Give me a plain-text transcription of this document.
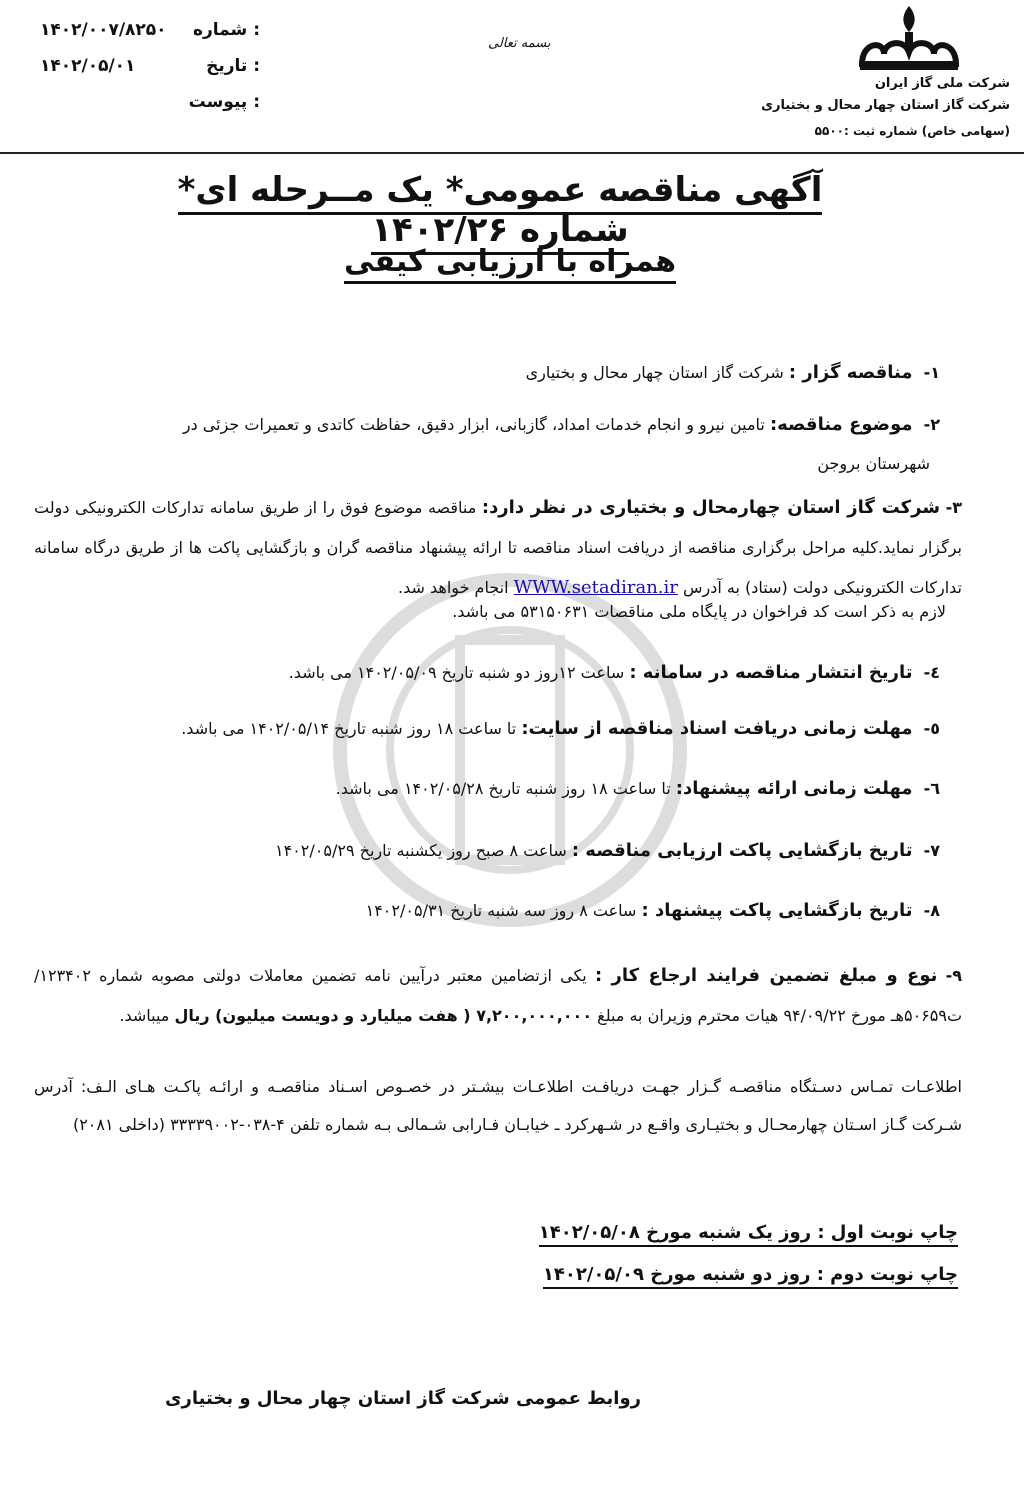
شرکت ملی گاز ایران
شرکت گاز استان چهار محال و بختیاری
(سهامی خاص) شماره ثبت :۵۵۰۰
بسمه تعالی
شماره :
۱۴۰۲/۰۰۷/۸۲۵۰
تاریخ :
۱۴۰۲/۰۵/۰۱
پیوست :
آگهی مناقصه عمومی* یک مــرحله ای* شماره ۱۴۰۲/۲۶
همراه با ارزیابی کیفی
۱- مناقصه گزار : شرکت گاز استان چهار محال و بختیاری
۲- موضوع مناقصه: تامین نیرو و انجام خدمات امداد، گازبانی، ابزار دقیق، حفاظت کاتدی و تعمیرات جزئی در
شهرستان بروجن
۳- شرکت گاز استان چهارمحال و بختیاری در نظر دارد: مناقصه موضوع فوق را از طریق سامانه تدارکات الکترونیکی دولت برگزار نماید.کلیه مراحل برگزاری مناقصه از دریافت اسناد مناقصه تا ارائه پیشنهاد مناقصه گران و بازگشایی پاکت ها از طریق درگاه سامانه تدارکات الکترونیکی دولت (ستاد) به آدرس WWW.setadiran.ir انجام خواهد شد.
لازم به ذکر است کد فراخوان در پایگاه ملی مناقصات ۵۳۱۵۰۶۳۱ می باشد.
٤- تاریخ انتشار مناقصه در سامانه : ساعت ۱۲روز دو شنبه تاریخ ۱۴۰۲/۰۵/۰۹ می باشد.
٥- مهلت زمانی دریافت اسناد مناقصه از سایت: تا ساعت ۱۸ روز شنبه تاریخ ۱۴۰۲/۰۵/۱۴ می باشد.
٦- مهلت زمانی ارائه پیشنهاد: تا ساعت ۱۸ روز شنبه تاریخ ۱۴۰۲/۰۵/۲۸ می باشد.
۷- تاریخ بازگشایی پاکت ارزیابی مناقصه : ساعت ۸ صبح روز یکشنبه تاریخ ۱۴۰۲/۰۵/۲۹
۸- تاریخ بازگشایی پاکت پیشنهاد : ساعت ۸ روز سه شنبه تاریخ ۱۴۰۲/۰۵/۳۱
۹- نوع و مبلغ تضمین فرایند ارجاع کار : یکی ازتضامین معتبر درآیین نامه تضمین معاملات دولتی مصوبه شماره ۱۲۳۴۰۲/ت۵۰۶۵۹هـ مورخ ۹۴/۰۹/۲۲ هیات محترم وزیران به مبلغ ۷,۲۰۰,۰۰۰,۰۰۰ ( هفت میلیارد و دویست میلیون) ریال میباشد.
اطلاعـات تمـاس دسـتگاه مناقصـه گـزار جهـت دریافـت اطلاعـات بیشـتر در خصـوص اسـناد مناقصـه و ارائـه پاکـت هـای الـف: آدرس شـرکت گـاز اسـتان چهارمحـال و بختیـاری واقـع در شـهرکرد ـ خیابـان فـارابی شـمالی بـه شماره تلفن ۴-۰۳۸-۳۳۳۳۹۰۰۲ (داخلی ۲۰۸۱)
چاپ نوبت اول : روز یک شنبه مورخ ۱۴۰۲/۰۵/۰۸
چاپ نوبت دوم : روز دو شنبه مورخ ۱۴۰۲/۰۵/۰۹
روابط عمومی شرکت گاز استان چهار محال و بختیاری
